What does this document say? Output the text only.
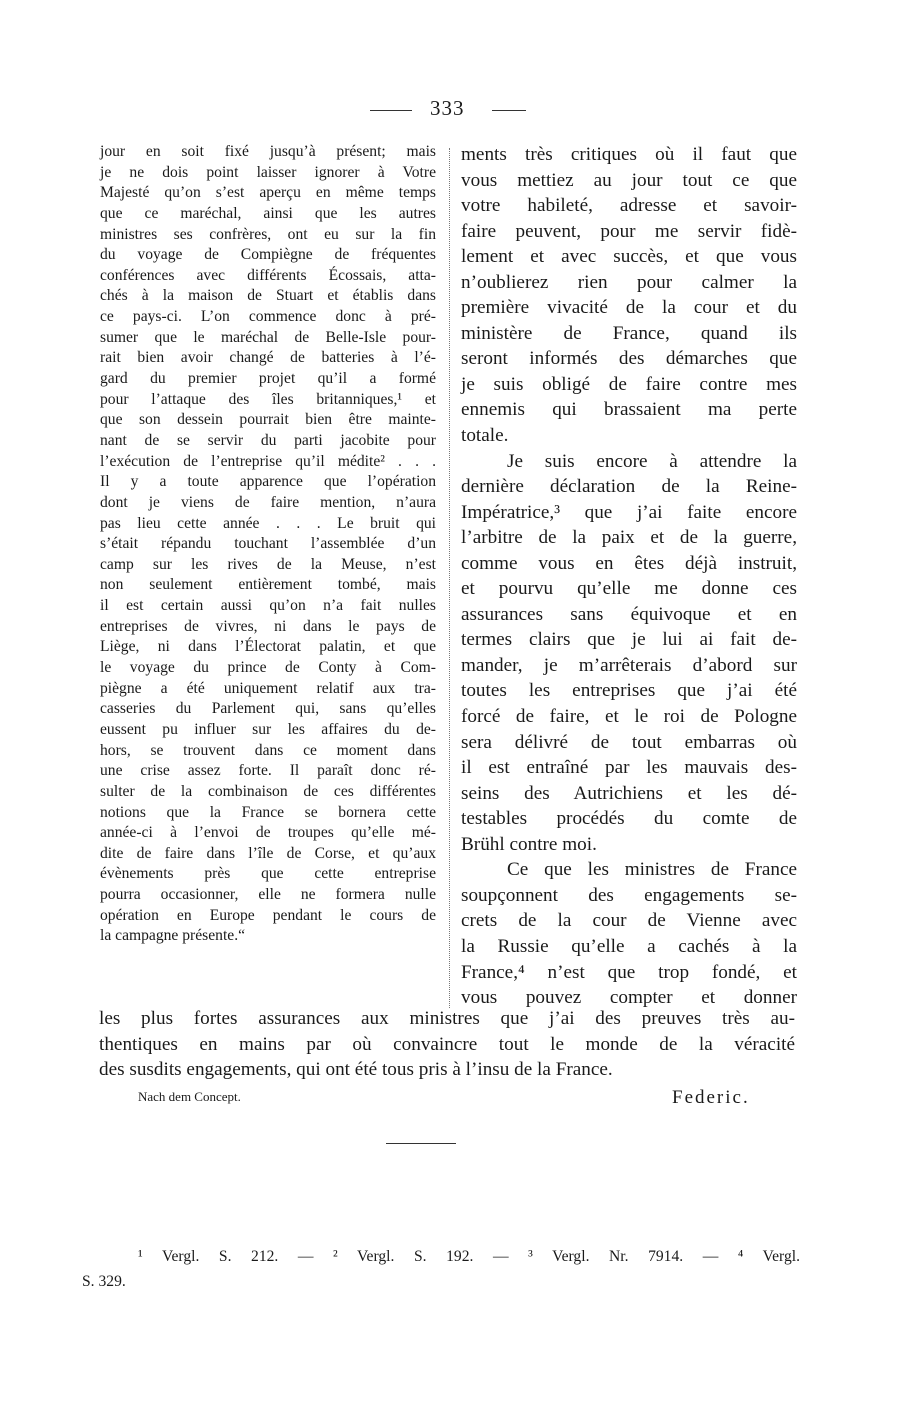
333
jour en soit fixé jusqu’à présent; mais
je ne dois point laisser ignorer à Votre
Majesté qu’on s’est aperçu en même temps
que ce maréchal, ainsi que les autres
ministres ses confrères, ont eu sur la fin
du voyage de Compiègne de fréquentes
conférences avec différents Écossais, atta-
chés à la maison de Stuart et établis dans
ce pays-ci. L’on commence donc à pré-
sumer que le maréchal de Belle-Isle pour-
rait bien avoir changé de batteries à l’é-
gard du premier projet qu’il a formé
pour l’attaque des îles britanniques,¹ et
que son dessein pourrait bien être mainte-
nant de se servir du parti jacobite pour
l’exécution de l’entreprise qu’il médite² . . .
Il y a toute apparence que l’opération
dont je viens de faire mention, n’aura
pas lieu cette année . . . Le bruit qui
s’était répandu touchant l’assemblée d’un
camp sur les rives de la Meuse, n’est
non seulement entièrement tombé, mais
il est certain aussi qu’on n’a fait nulles
entreprises de vivres, ni dans le pays de
Liège, ni dans l’Électorat palatin, et que
le voyage du prince de Conty à Com-
piègne a été uniquement relatif aux tra-
casseries du Parlement qui, sans qu’elles
eussent pu influer sur les affaires du de-
hors, se trouvent dans ce moment dans
une crise assez forte. Il paraît donc ré-
sulter de la combinaison de ces différentes
notions que la France se bornera cette
année-ci à l’envoi de troupes qu’elle mé-
dite de faire dans l’île de Corse, et qu’aux
évènements près que cette entreprise
pourra occasionner, elle ne formera nulle
opération en Europe pendant le cours de
la campagne présente.“
ments très critiques où il faut que
vous mettiez au jour tout ce que
votre habileté, adresse et savoir-
faire peuvent, pour me servir fidè-
lement et avec succès, et que vous
n’oublierez rien pour calmer la
première vivacité de la cour et du
ministère de France, quand ils
seront informés des démarches que
je suis obligé de faire contre mes
ennemis qui brassaient ma perte
totale.
Je suis encore à attendre la
dernière déclaration de la Reine-
Impératrice,³ que j’ai faite encore
l’arbitre de la paix et de la guerre,
comme vous en êtes déjà instruit,
et pourvu qu’elle me donne ces
assurances sans équivoque et en
termes clairs que je lui ai fait de-
mander, je m’arrêterais d’abord sur
toutes les entreprises que j’ai été
forcé de faire, et le roi de Pologne
sera délivré de tout embarras où
il est entraîné par les mauvais des-
seins des Autrichiens et les dé-
testables procédés du comte de
Brühl contre moi.
Ce que les ministres de France
soupçonnent des engagements se-
crets de la cour de Vienne avec
la Russie qu’elle a cachés à la
France,⁴ n’est que trop fondé, et
vous pouvez compter et donner
les plus fortes assurances aux ministres que j’ai des preuves très au-
thentiques en mains par où convaincre tout le monde de la véracité
des susdits engagements, qui ont été tous pris à l’insu de la France.
Nach dem Concept.	Federic.
¹ Vergl. S. 212. — ² Vergl. S. 192. — ³ Vergl. Nr. 7914. — ⁴ Vergl.
S. 329.
